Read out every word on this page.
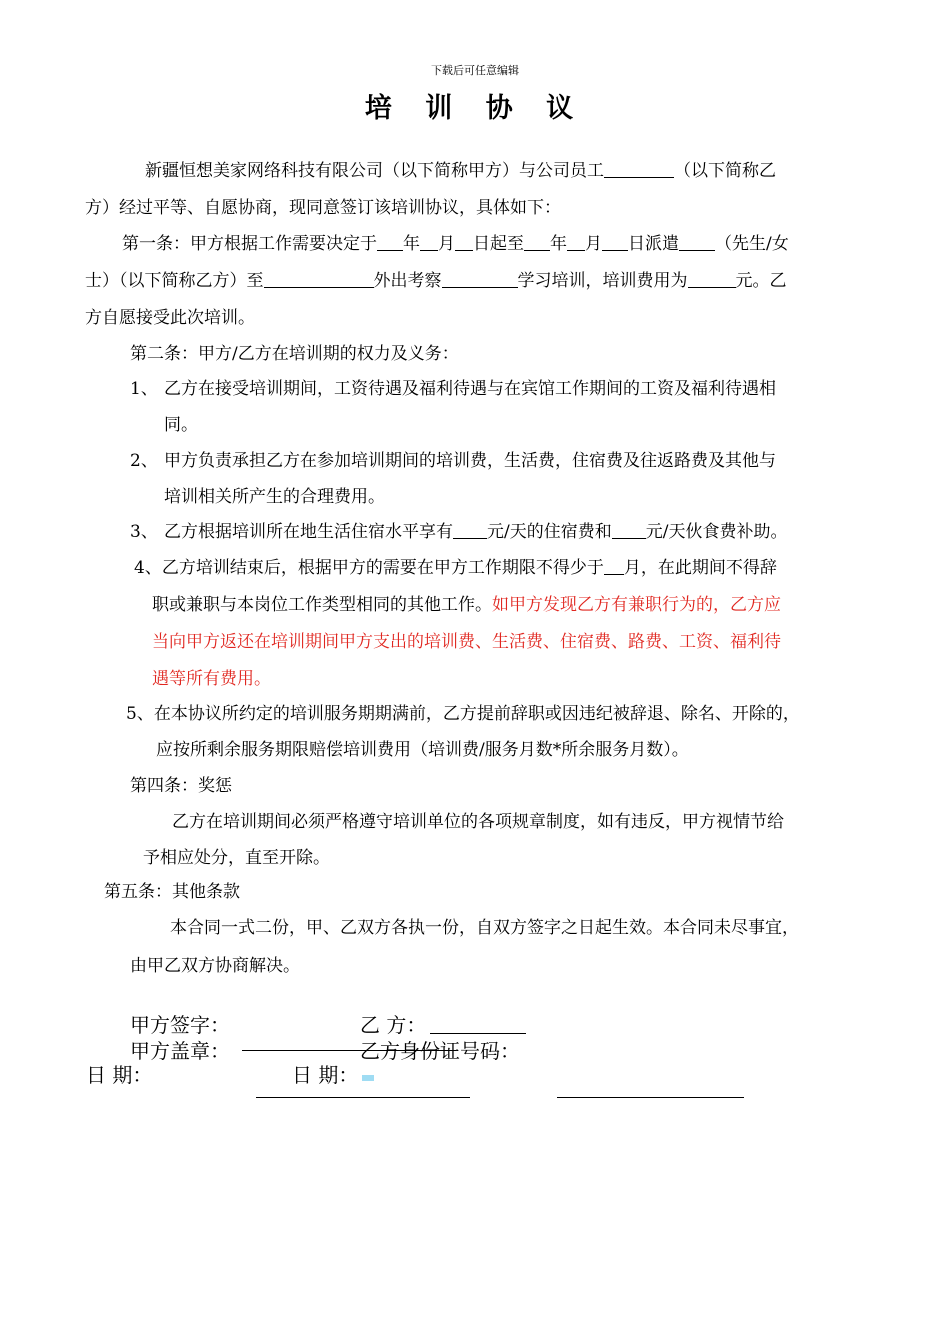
下载后可任意编辑
培 训 协 议
新疆恒想美家网络科技有限公司（以下简称甲方）与公司员工	（以下简称乙
方）经过平等、自愿协商，现同意签订该培训协议，具体如下：
第一条：甲方根据工作需要决定于 年 月 日起至 年 月 日派遣 （先生/女
士）（以下简称乙方）至	外出考察	学习培训，培训费用为	元。乙
方自愿接受此次培训。
第二条：甲方/乙方在培训期的权力及义务：
1、 乙方在接受培训期间，工资待遇及福利待遇与在宾馆工作期间的工资及福利待遇相
同。
2、 甲方负责承担乙方在参加培训期间的培训费，生活费，住宿费及往返路费及其他与
培训相关所产生的合理费用。
3、 乙方根据培训所在地生活住宿水平享有 元/天的住宿费和 元/天伙食费补助。
4、乙方培训结束后，根据甲方的需要在甲方工作期限不得少于 月，在此期间不得辞
职或兼职与本岗位工作类型相同的其他工作。如甲方发现乙方有兼职行为的，乙方应
当向甲方返还在培训期间甲方支出的培训费、生活费、住宿费、路费、工资、福利待
遇等所有费用。
5、在本协议所约定的培训服务期期满前，乙方提前辞职或因违纪被辞退、除名、开除的，
应按所剩余服务期限赔偿培训费用（培训费/服务月数*所余服务月数）。
第四条：奖惩
乙方在培训期间必须严格遵守培训单位的各项规章制度，如有违反，甲方视情节给
予相应处分，直至开除。
第五条：其他条款
本合同一式二份，甲、乙双方各执一份，自双方签字之日起生效。本合同未尽事宜，
由甲乙双方协商解决。
甲方签字：	乙 方：
甲方盖章：	乙方身份证号码：
日 期：	日 期：
